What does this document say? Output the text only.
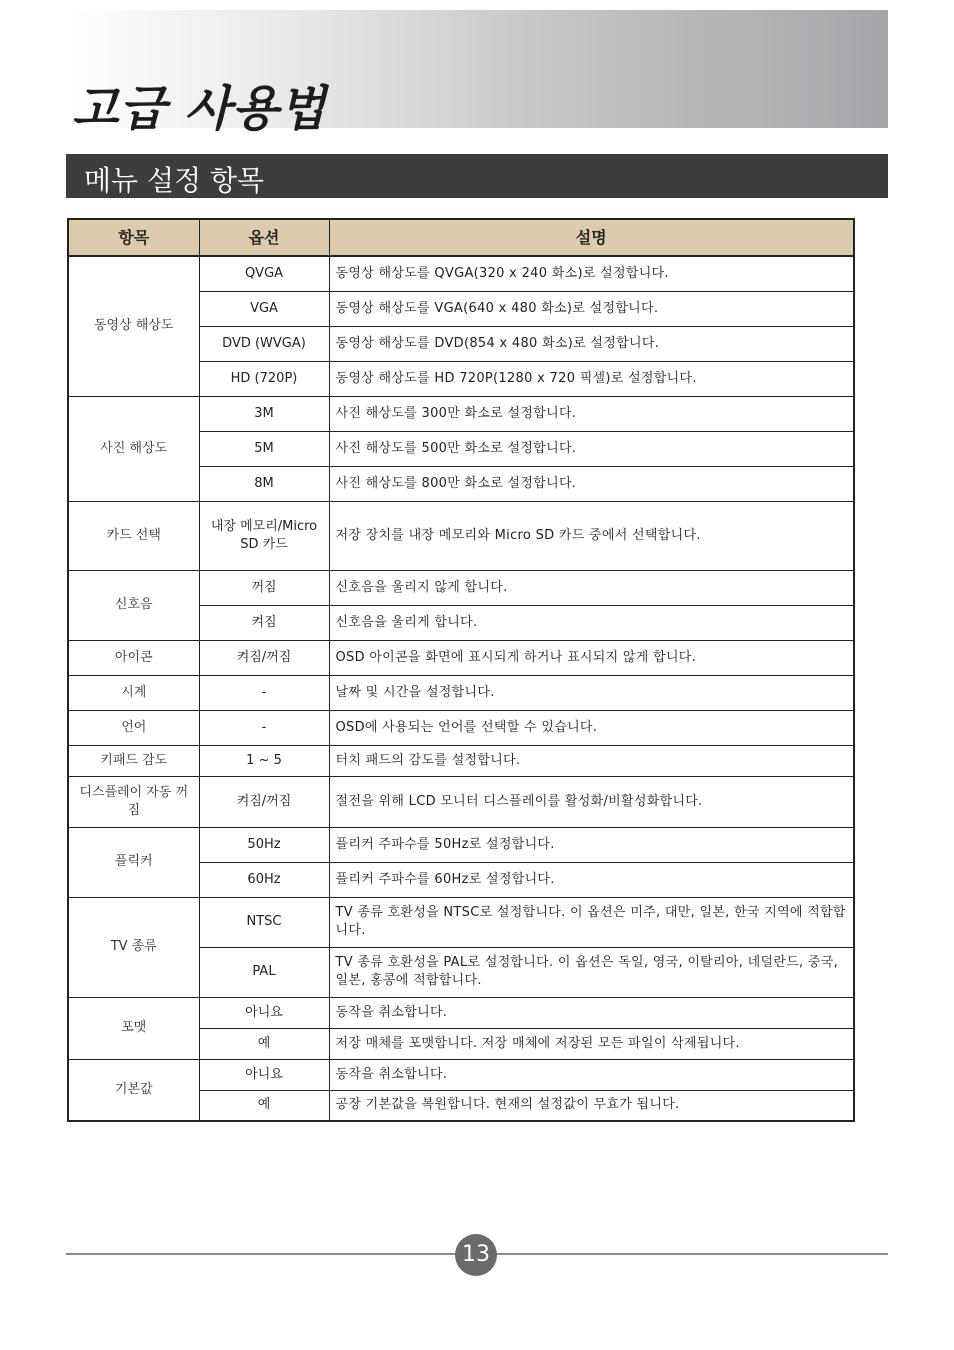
고급 사용법
메뉴 설정 항목
항목	옵션	설명
동영상 해상도	QVGA	동영상 해상도를 QVGA(320 x 240 화소)로 설정합니다.
	VGA	동영상 해상도를 VGA(640 x 480 화소)로 설정합니다.
	DVD (WVGA)	동영상 해상도를 DVD(854 x 480 화소)로 설정합니다.
	HD (720P)	동영상 해상도를 HD 720P(1280 x 720 픽셀)로 설정합니다.
사진 해상도	3M	사진 해상도를 300만 화소로 설정합니다.
	5M	사진 해상도를 500만 화소로 설정합니다.
	8M	사진 해상도를 800만 화소로 설정합니다.
카드 선택	내장 메모리/Micro SD 카드	저장 장치를 내장 메모리와 Micro SD 카드 중에서 선택합니다.
신호음	꺼짐	신호음을 울리지 않게 합니다.
	켜짐	신호음을 울리게 합니다.
아이콘	켜짐/꺼짐	OSD 아이콘을 화면에 표시되게 하거나 표시되지 않게 합니다.
시계	-	날짜 및 시간을 설정합니다.
언어	-	OSD에 사용되는 언어를 선택할 수 있습니다.
키패드 감도	1 ~ 5	터치 패드의 감도를 설정합니다.
디스플레이 자동 꺼짐	켜짐/꺼짐	절전을 위해 LCD 모니터 디스플레이를 활성화/비활성화합니다.
플릭커	50Hz	플리커 주파수를 50Hz로 설정합니다.
	60Hz	플리커 주파수를 60Hz로 설정합니다.
TV 종류	NTSC	TV 종류 호환성을 NTSC로 설정합니다. 이 옵션은 미주, 대만, 일본, 한국 지역에 적합합니다.
	PAL	TV 종류 호환성을 PAL로 설정합니다. 이 옵션은 독일, 영국, 이탈리아, 네덜란드, 중국, 일본, 홍콩에 적합합니다.
포맷	아니요	동작을 취소합니다.
	예	저장 매체를 포맷합니다. 저장 매체에 저장된 모든 파일이 삭제됩니다.
기본값	아니요	동작을 취소합니다.
	예	공장 기본값을 복원합니다. 현재의 설정값이 무효가 됩니다.
13
